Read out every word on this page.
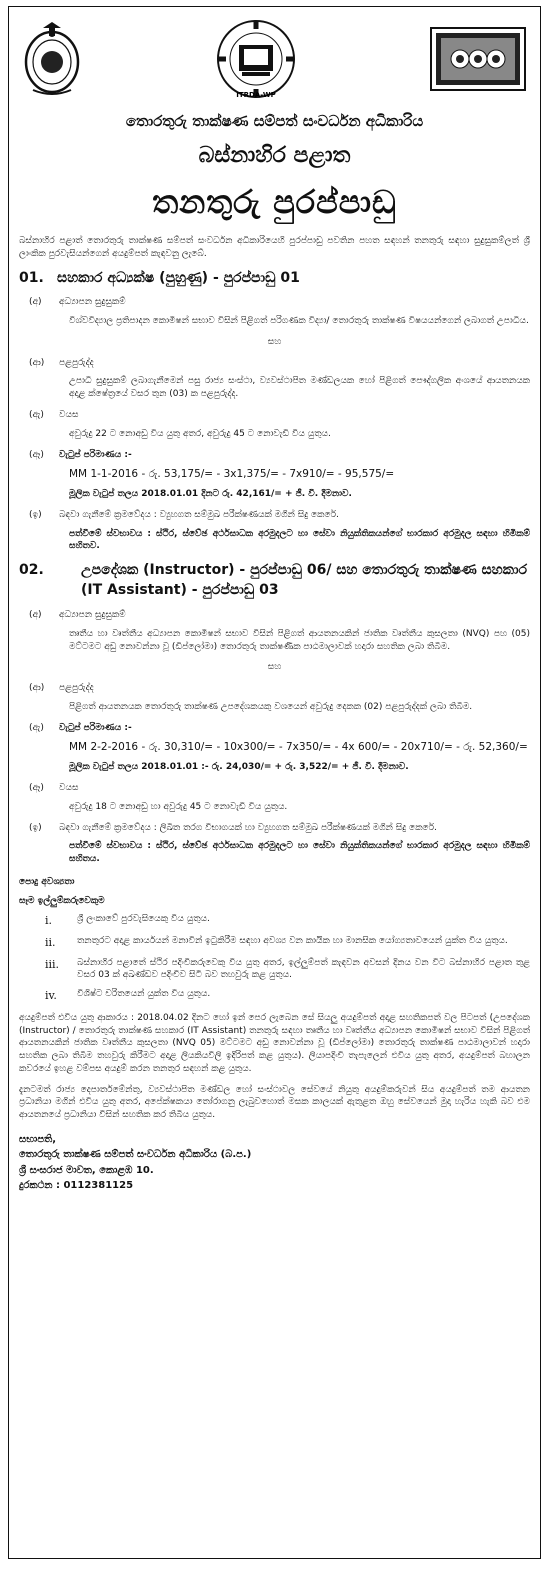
ITRDA-WP
තොරතුරු තාක්ෂණ සම්පත් සංවර්ධන අධිකාරිය
බස්නාහිර පළාත
තනතුරු පුරප්පාඩු
බස්නාහිර පළාත් තොරතුරු තාක්ෂණ සම්පත් සංවර්ධන අධිකාරියෙහි පුරප්පාඩු පවතින පහත සඳහන් තනතුරු සඳහා සුදුසුකම්ලත් ශ්‍රී ලාංකික පුරවැසියන්ගෙන් අයදුම්පත් කැඳවනු ලැබේ.
01. සහකාර අධ්‍යක්ෂ (පුහුණු) - පුරප්පාඩු 01
(අ)	අධ්‍යාපන සුදුසුකම්
විශ්වවිද්‍යාල ප්‍රතිපාදන කොමිෂන් සභාව විසින් පිළිගත් පරිගණක විද්‍යා/ තොරතුරු තාක්ෂණ විෂයයන්ගෙන් ලබාගත් උපාධිය.
සහ
(ආ)	පළපුරුද්ද
උපාධි සුදුසුකම් ලබාගැනීමෙන් පසු රාජ්‍ය සංස්ථා, ව්‍යවස්ථාපිත මණ්ඩලයක හෝ පිළිගත් පෞද්ගලික අංශයේ ආයතනයක අදාළ ක්ෂේත්‍රයේ වසර තුන (03) ක පළපුරුද්ද.
(ඇ)	වයස
අවුරුදු 22 ට නොඅඩු විය යුතු අතර, අවුරුදු 45 ට නොවැඩි විය යුතුය.
(ඈ)	වැටුප් පරිමාණය :-
MM 1-1-2016 - රු. 53,175/= - 3x1,375/= - 7x910/= - 95,575/=
මූලික වැටුප් තලය 2018.01.01 දිනට රු. 42,161/= + ජී. වී. දීමනාව.
(ඉ)	බඳවා ගැනීමේ ක්‍රමවේදය : ව්‍යුහගත සම්මුඛ පරීක්ෂණයක් මගින් සිදු කෙරේ.
පත්වීමේ ස්වභාවය : ස්ථිර, ස්වේඡ අර්ථසාධක අරමුදලට හා සේවා නියුක්තිකයන්ගේ භාරකාර අරමුදල සඳහා හිමිකම් සහිතව.
02.	උපදේශක (Instructor) - පුරප්පාඩු 06/ සහ තොරතුරු තාක්ෂණ සහකාර (IT Assistant) - පුරප්පාඩු 03
(අ)	අධ්‍යාපන සුදුසුකම්
තෘතීය හා වෘත්තීය අධ්‍යාපන කොමිෂන් සභාව විසින් පිළිගත් ආයතනයකින් ජාතික වෘත්තීය කුසලතා (NVQ) පහ (05) මට්ටමට අඩු නොවන්නා වූ (ඩිප්ලෝමා) තොරතුරු තාක්ෂණික පාඨමාලාවක් හදාරා සහතික ලබා තිබීම.
සහ
(ආ)	පළපුරුද්ද
පිළිගත් ආයතනයක තොරතුරු තාක්ෂණ උපදේශකයකු වශයෙන් අවුරුදු දෙකක (02) පළපුරුද්දක් ලබා තිබීම.
(ඇ)	වැටුප් පරිමාණය :-
MM 2-2-2016 - රු. 30,310/= - 10x300/= - 7x350/= - 4x 600/= - 20x710/= - රු. 52,360/=
මූලික වැටුප් තලය 2018.01.01 :- රු. 24,030/= + රු. 3,522/= + ජී. වී. දීමනාව.
(ඈ)	වයස
අවුරුදු 18 ට නොඅඩු හා අවුරුදු 45 ට නොවැඩි විය යුතුය.
(ඉ)	බඳවා ගැනීමේ ක්‍රමවේදය : ලිඛිත තරග විභාගයක් හා ව්‍යුහගත සම්මුඛ පරීක්ෂණයක් මගින් සිදු කෙරේ.
පත්වීමේ ස්වභාවය : ස්ථිර, ස්වේඡ අර්ථසාධක අරමුදලට හා සේවා නියුක්තිකයන්ගේ භාරකාර අරමුදල සඳහා හිමිකම් සහිතය.
පොදු අවශ්‍යතා
සෑම ඉල්ලුම්කරුවෙකුම
i.	ශ්‍රී ලංකාවේ පුරවැසියෙකු විය යුතුය.
ii.	තනතුරට අදාළ කාර්යයන් මනාවින් ඉටුකිරීම සඳහා අවශ්‍ය වන කායික හා මානසික යෝග්‍යතාවයෙන් යුක්ත විය යුතුය.
iii.	බස්නාහිර පළාතේ ස්ථිර පදිංචිකරුවෙකු විය යුතු අතර, ඉල්ලුම්පත් කැඳවන අවසන් දිනය වන විට බස්නාහිර පළාත තුළ වසර 03 ක් අඛණ්ඩව පදිංචිව සිටි බව තහවුරු කළ යුතුය.
iv.	විශිෂ්ට චරිතයෙන් යුක්ත විය යුතුය.
අයදුම්පත් එවිය යුතු ආකාරය : 2018.04.02 දිනට හෝ ඉන් පෙර ලැබෙන සේ සියලු අයදුම්පත් අදාළ සහතිකපත් වල පිටපත් (උපදේශක (Instructor) / තොරතුරු තාක්ෂණ සහකාර (IT Assistant) තනතුරු සඳහා තෘතීය හා වෘත්තීය අධ්‍යාපන කොමිෂන් සභාව විසින් පිළිගත් ආයතනයකින් ජාතික වෘත්තීය කුසලතා (NVQ 05) මට්ටමට අඩු නොවන්නා වූ (ඩිප්ලෝමා) තොරතුරු තාක්ෂණ පාඨමාලාවන් හදාරා සහතික ලබා තිබීම තහවුරු කිරීමට අදාළ ලියකියවිලි ඉදිරිපත් කළ යුතුය). ලියාපදිංචි තැපැලෙන් එවිය යුතු අතර, අයදුම්පත් බහාලන කවරයේ ඉහළ වම්පස අයදුම් කරන තනතුර සඳහන් කළ යුතුය.
දැනටමත් රාජ්‍ය දෙපාර්තමේන්තු, ව්‍යවස්ථාපිත මණ්ඩල හෝ සංස්ථාවල සේවයේ නියුතු අයදුම්කරුවන් සිය අයදුම්පත් තම ආයතන ප්‍රධානියා මගින් එවිය යුතු අතර, අපේක්ෂකයා තෝරාගනු ලැබුවහොත් මසක කාලයක් ඇතුළත ඔහු සේවයෙන් මුදා හැරිය හැකි බව එම ආයතනයේ ප්‍රධානියා විසින් සහතික කර තිබිය යුතුය.
සභාපති,
තොරතුරු තාක්ෂණ සම්පත් සංවර්ධන අධිකාරිය (බ.ප.)
ශ්‍රී සංඝරාජ මාවත, කොළඹ 10.
දුරකථන : 0112381125
